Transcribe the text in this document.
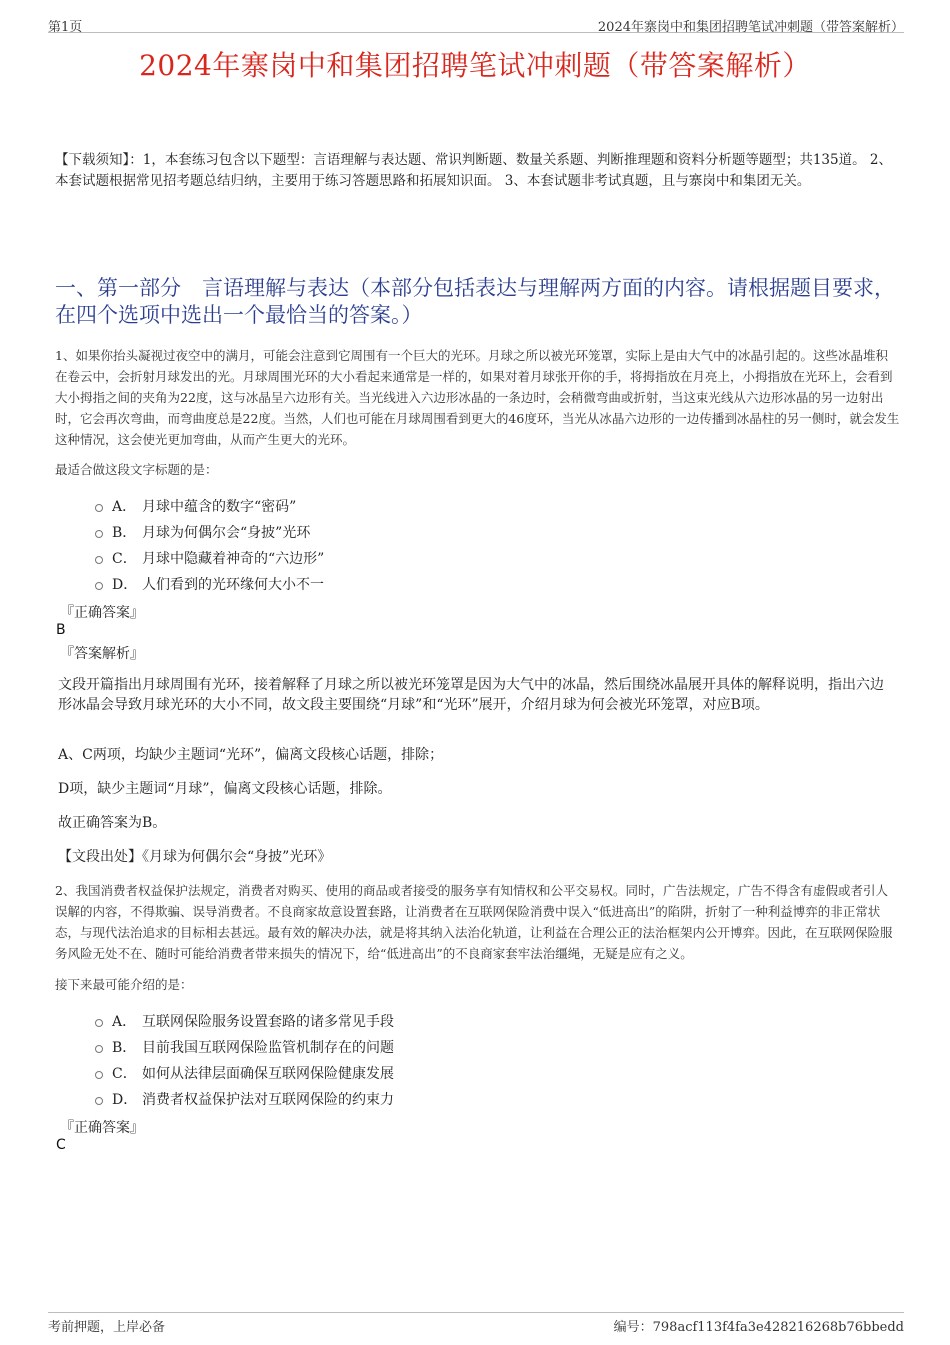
第1页	2024年寨岗中和集团招聘笔试冲刺题（带答案解析）
2024年寨岗中和集团招聘笔试冲刺题（带答案解析）
【下载须知】：1，本套练习包含以下题型：言语理解与表达题、常识判断题、数量关系题、判断推理题和资料分析题等题型；共135道。 2、本套试题根据常见招考题总结归纳，主要用于练习答题思路和拓展知识面。 3、本套试题非考试真题，且与寨岗中和集团无关。
一、第一部分　言语理解与表达（本部分包括表达与理解两方面的内容。请根据题目要求，在四个选项中选出一个最恰当的答案。）
1、如果你抬头凝视过夜空中的满月，可能会注意到它周围有一个巨大的光环。月球之所以被光环笼罩，实际上是由大气中的冰晶引起的。这些冰晶堆积在卷云中，会折射月球发出的光。月球周围光环的大小看起来通常是一样的，如果对着月球张开你的手，将拇指放在月亮上，小拇指放在光环上，会看到大小拇指之间的夹角为22度，这与冰晶呈六边形有关。当光线进入六边形冰晶的一条边时，会稍微弯曲或折射，当这束光线从六边形冰晶的另一边射出时，它会再次弯曲，而弯曲度总是22度。当然，人们也可能在月球周围看到更大的46度环，当光从冰晶六边形的一边传播到冰晶柱的另一侧时，就会发生这种情况，这会使光更加弯曲，从而产生更大的光环。
最适合做这段文字标题的是：
A． 月球中蕴含的数字“密码”
B． 月球为何偶尔会“身披”光环
C． 月球中隐藏着神奇的“六边形”
D． 人们看到的光环缘何大小不一
『正确答案』
B
『答案解析』
文段开篇指出月球周围有光环，接着解释了月球之所以被光环笼罩是因为大气中的冰晶，然后围绕冰晶展开具体的解释说明，指出六边形冰晶会导致月球光环的大小不同，故文段主要围绕“月球”和“光环”展开，介绍月球为何会被光环笼罩，对应B项。
A、C两项，均缺少主题词“光环”，偏离文段核心话题，排除；
D项，缺少主题词“月球”，偏离文段核心话题，排除。
故正确答案为B。
【文段出处】《月球为何偶尔会“身披”光环》
2、我国消费者权益保护法规定，消费者对购买、使用的商品或者接受的服务享有知情权和公平交易权。同时，广告法规定，广告不得含有虚假或者引人误解的内容，不得欺骗、误导消费者。不良商家故意设置套路，让消费者在互联网保险消费中误入“低进高出”的陷阱，折射了一种利益博弈的非正常状态，与现代法治追求的目标相去甚远。最有效的解决办法，就是将其纳入法治化轨道，让利益在合理公正的法治框架内公开博弈。因此，在互联网保险服务风险无处不在、随时可能给消费者带来损失的情况下，给“低进高出”的不良商家套牢法治缰绳，无疑是应有之义。
接下来最可能介绍的是：
A． 互联网保险服务设置套路的诸多常见手段
B． 目前我国互联网保险监管机制存在的问题
C． 如何从法律层面确保互联网保险健康发展
D． 消费者权益保护法对互联网保险的约束力
『正确答案』
C
考前押题，上岸必备	编号：798acf113f4fa3e428216268b76bbedd
